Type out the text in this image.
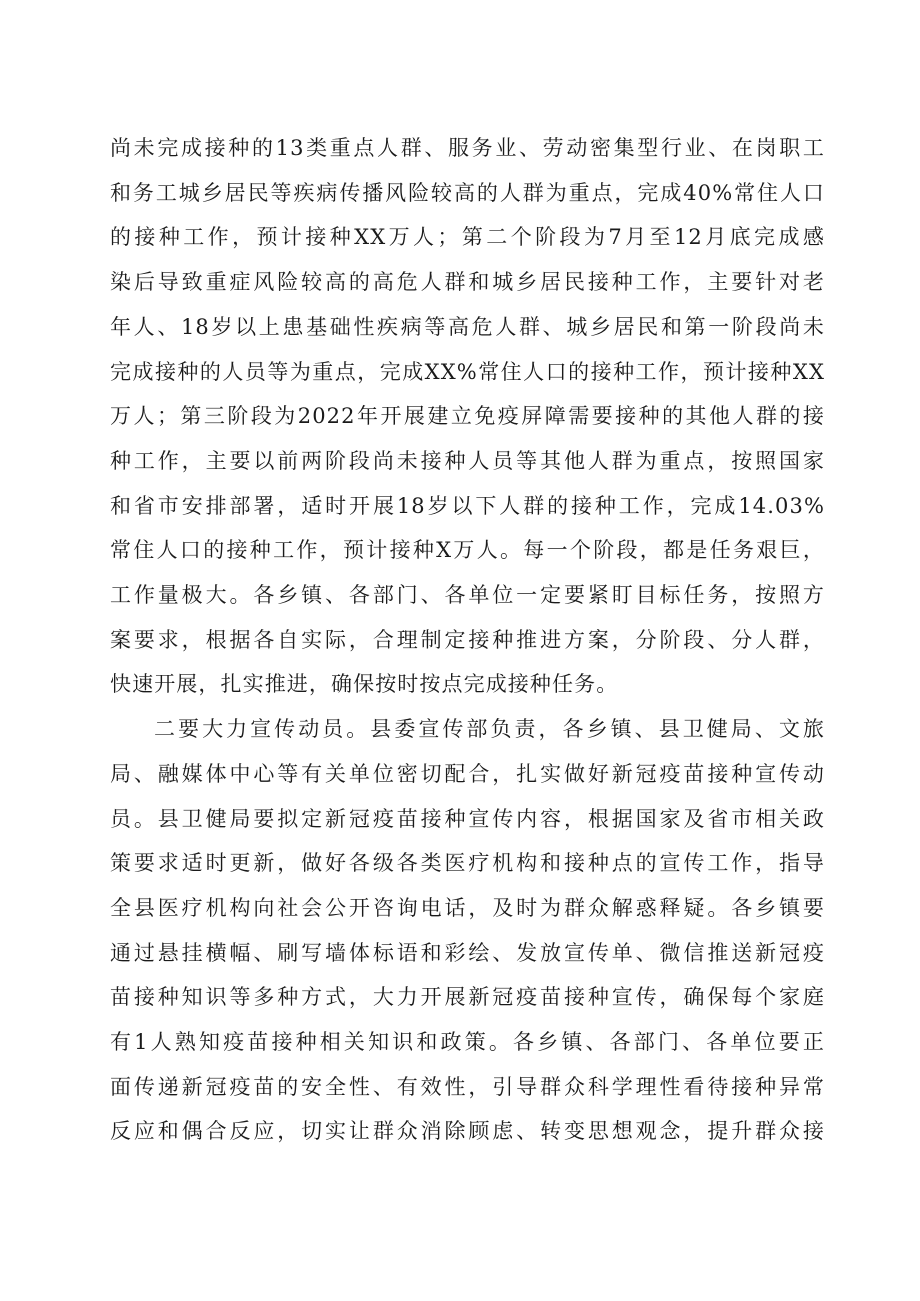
尚未完成接种的13类重点人群、服务业、劳动密集型行业、在岗职工
和务工城乡居民等疾病传播风险较高的人群为重点，完成40%常住人口
的接种工作，预计接种XX万人；第二个阶段为7月至12月底完成感
染后导致重症风险较高的高危人群和城乡居民接种工作，主要针对老
年人、18岁以上患基础性疾病等高危人群、城乡居民和第一阶段尚未
完成接种的人员等为重点，完成XX%常住人口的接种工作，预计接种XX
万人；第三阶段为2022年开展建立免疫屏障需要接种的其他人群的接
种工作，主要以前两阶段尚未接种人员等其他人群为重点，按照国家
和省市安排部署，适时开展18岁以下人群的接种工作，完成14.03%
常住人口的接种工作，预计接种X万人。每一个阶段，都是任务艰巨，
工作量极大。各乡镇、各部门、各单位一定要紧盯目标任务，按照方
案要求，根据各自实际，合理制定接种推进方案，分阶段、分人群，
快速开展，扎实推进，确保按时按点完成接种任务。
二要大力宣传动员。县委宣传部负责，各乡镇、县卫健局、文旅
局、融媒体中心等有关单位密切配合，扎实做好新冠疫苗接种宣传动
员。县卫健局要拟定新冠疫苗接种宣传内容，根据国家及省市相关政
策要求适时更新，做好各级各类医疗机构和接种点的宣传工作，指导
全县医疗机构向社会公开咨询电话，及时为群众解惑释疑。各乡镇要
通过悬挂横幅、刷写墙体标语和彩绘、发放宣传单、微信推送新冠疫
苗接种知识等多种方式，大力开展新冠疫苗接种宣传，确保每个家庭
有1人熟知疫苗接种相关知识和政策。各乡镇、各部门、各单位要正
面传递新冠疫苗的安全性、有效性，引导群众科学理性看待接种异常
反应和偶合反应，切实让群众消除顾虑、转变思想观念，提升群众接
